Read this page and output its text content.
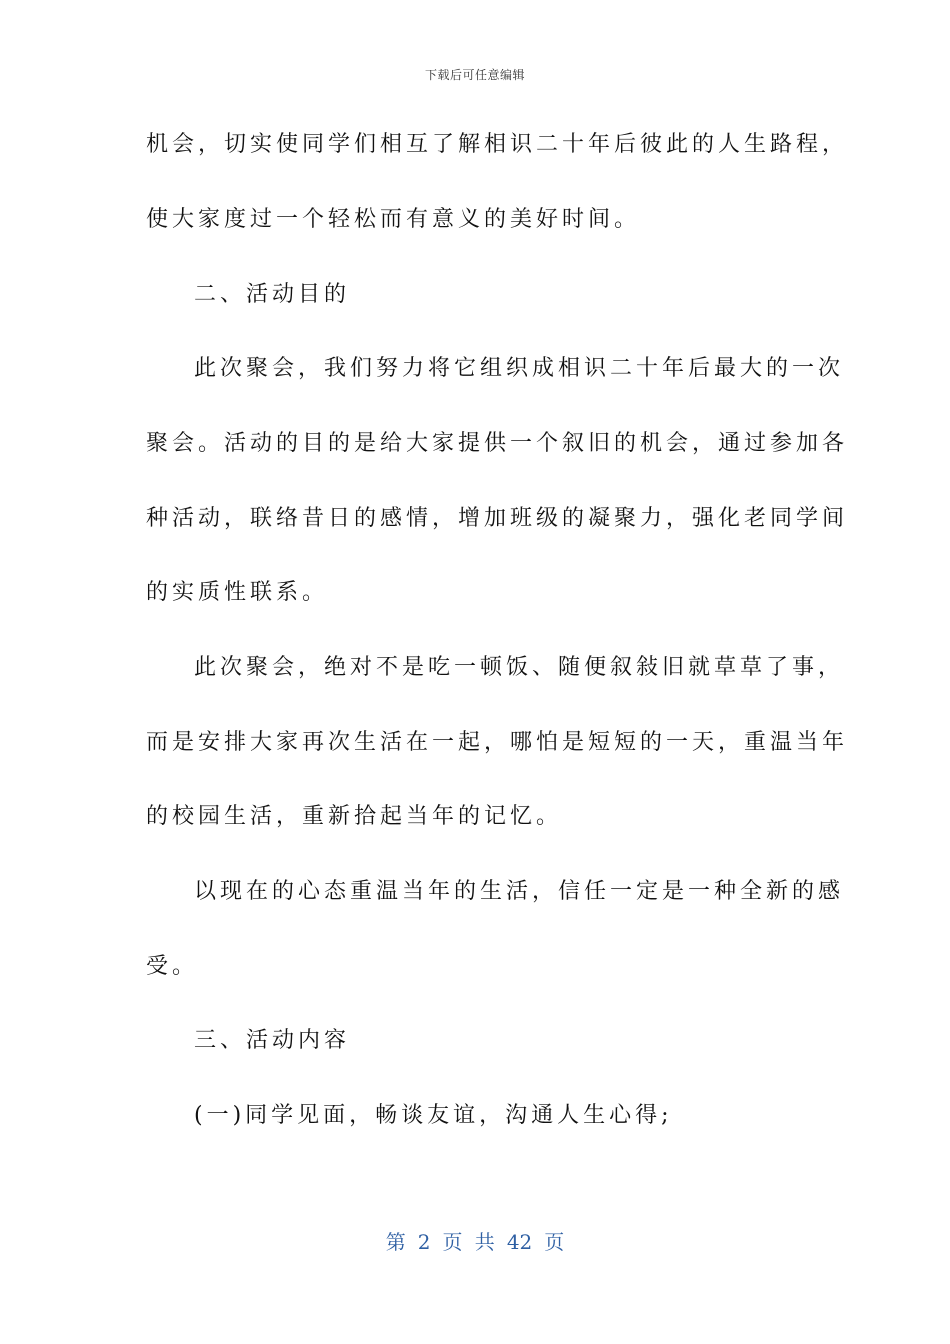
下载后可任意编辑
机会，切实使同学们相互了解相识二十年后彼此的人生路程，
使大家度过一个轻松而有意义的美好时间。
二、活动目的
此次聚会，我们努力将它组织成相识二十年后最大的一次
聚会。活动的目的是给大家提供一个叙旧的机会，通过参加各
种活动，联络昔日的感情，增加班级的凝聚力，强化老同学间
的实质性联系。
此次聚会，绝对不是吃一顿饭、随便叙敍旧就草草了事，
而是安排大家再次生活在一起，哪怕是短短的一天，重温当年
的校园生活，重新拾起当年的记忆。
以现在的心态重温当年的生活，信任一定是一种全新的感
受。
三、活动内容
(一)同学见面，畅谈友谊，沟通人生心得;
第 2 页 共 42 页
